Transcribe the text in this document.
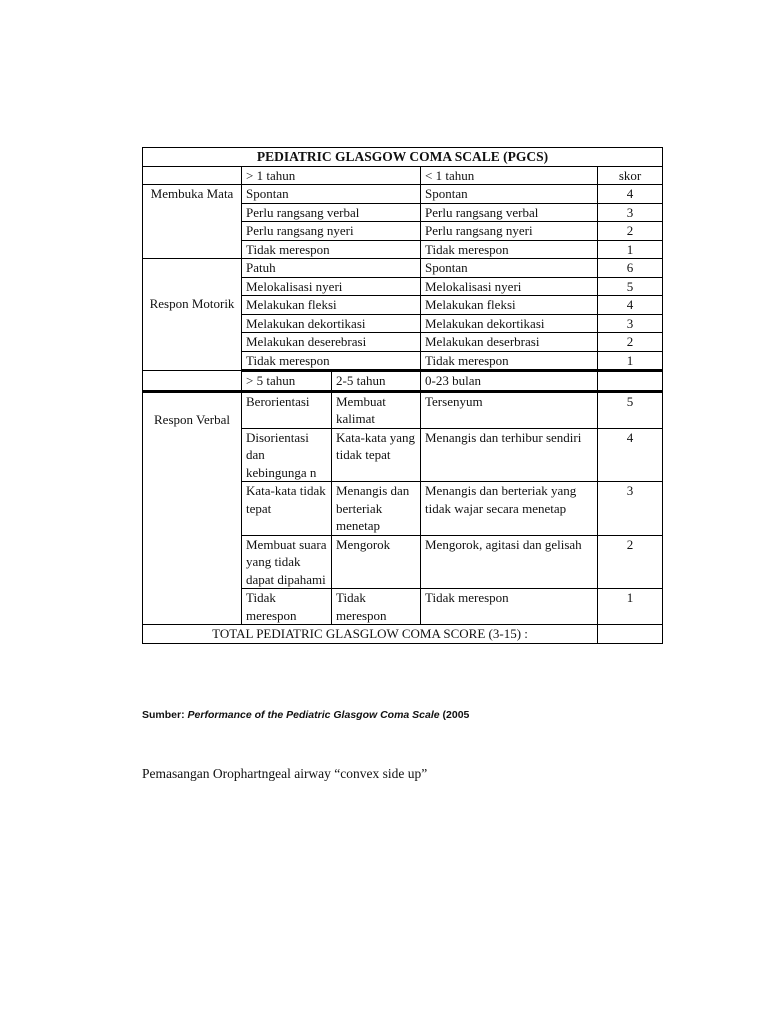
PEDIATRIC GLASGOW COMA SCALE (PGCS)				
	> 1 tahun		< 1 tahun	skor
Membuka Mata	Spontan		Spontan	4
	Perlu rangsang verbal		Perlu rangsang verbal	3
	Perlu rangsang nyeri		Perlu rangsang nyeri	2
	Tidak merespon		Tidak merespon	1
Respon Motorik	Patuh		Spontan	6
	Melokalisasi nyeri		Melokalisasi nyeri	5
	Melakukan fleksi		Melakukan fleksi	4
	Melakukan dekortikasi		Melakukan dekortikasi	3
	Melakukan deserebrasi		Melakukan deserbrasi	2
	Tidak merespon		Tidak merespon	1
	> 5 tahun	2-5 tahun	0-23 bulan	
Respon Verbal	Berorientasi	Membuat kalimat	Tersenyum	5
	Disorientasi dan kebingunga n	Kata-kata yang tidak tepat	Menangis dan terhibur sendiri	4
	Kata-kata tidak tepat	Menangis dan berteriak menetap	Menangis dan berteriak yang tidak wajar secara menetap	3
	Membuat suara yang tidak dapat dipahami	Mengorok	Mengorok, agitasi dan gelisah	2
	Tidak merespon	Tidak merespon	Tidak merespon	1
TOTAL PEDIATRIC GLASGLOW COMA SCORE (3-15) :				
Sumber: Performance of the Pediatric Glasgow Coma Scale (2005
Pemasangan Orophartngeal airway “convex side up”
